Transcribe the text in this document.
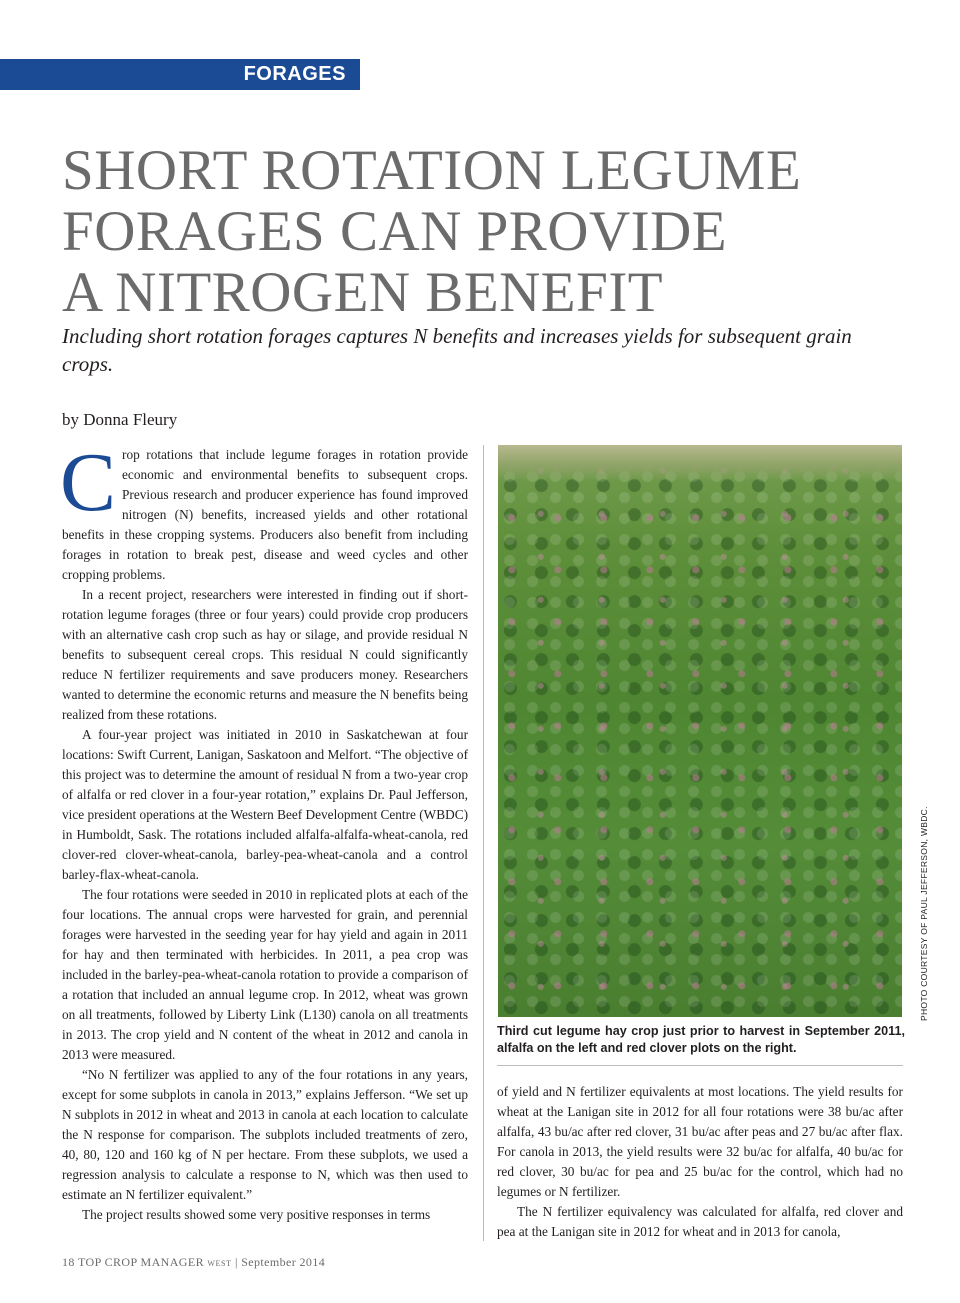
FORAGES
SHORT ROTATION LEGUME
FORAGES CAN PROVIDE
A NITROGEN BENEFIT

Including short rotation forages captures N benefits and increases yields for subsequent grain crops.

by Donna Fleury

Crop rotations that include legume forages in rotation provide economic and environmental benefits to subsequent crops. Previous research and producer experience has found improved nitrogen (N) benefits, increased yields and other rotational benefits in these cropping systems. Producers also benefit from including forages in rotation to break pest, disease and weed cycles and other cropping problems.

In a recent project, researchers were interested in finding out if short-rotation legume forages (three or four years) could provide crop producers with an alternative cash crop such as hay or silage, and provide residual N benefits to subsequent cereal crops. This residual N could significantly reduce N fertilizer requirements and save producers money. Researchers wanted to determine the economic returns and measure the N benefits being realized from these rotations.

A four-year project was initiated in 2010 in Saskatchewan at four locations: Swift Current, Lanigan, Saskatoon and Melfort. “The objective of this project was to determine the amount of residual N from a two-year crop of alfalfa or red clover in a four-year rotation,” explains Dr. Paul Jefferson, vice president operations at the Western Beef Development Centre (WBDC) in Humboldt, Sask. The rotations included alfalfa-alfalfa-wheat-canola, red clover-red clover-wheat-canola, barley-pea-wheat-canola and a control barley-flax-wheat-canola.

The four rotations were seeded in 2010 in replicated plots at each of the four locations. The annual crops were harvested for grain, and perennial forages were harvested in the seeding year for hay yield and again in 2011 for hay and then terminated with herbicides. In 2011, a pea crop was included in the barley-pea-wheat-canola rotation to provide a comparison of a rotation that included an annual legume crop. In 2012, wheat was grown on all treatments, followed by Liberty Link (L130) canola on all treatments in 2013. The crop yield and N content of the wheat in 2012 and canola in 2013 were measured.

“No N fertilizer was applied to any of the four rotations in any years, except for some subplots in canola in 2013,” explains Jefferson. “We set up N subplots in 2012 in wheat and 2013 in canola at each location to calculate the N response for comparison. The subplots included treatments of zero, 40, 80, 120 and 160 kg of N per hectare. From these subplots, we used a regression analysis to calculate a response to N, which was then used to estimate an N fertilizer equivalent.”

The project results showed some very positive responses in terms

PHOTO COURTESY OF PAUL JEFFERSON, WBDC.

Third cut legume hay crop just prior to harvest in September 2011, alfalfa on the left and red clover plots on the right.

of yield and N fertilizer equivalents at most locations. The yield results for wheat at the Lanigan site in 2012 for all four rotations were 38 bu/ac after alfalfa, 43 bu/ac after red clover, 31 bu/ac after peas and 27 bu/ac after flax. For canola in 2013, the yield results were 32 bu/ac for alfalfa, 40 bu/ac for red clover, 30 bu/ac for pea and 25 bu/ac for the control, which had no legumes or N fertilizer.

The N fertilizer equivalency was calculated for alfalfa, red clover and pea at the Lanigan site in 2012 for wheat and in 2013 for canola,

18 TOP CROP MANAGER WEST | September 2014
